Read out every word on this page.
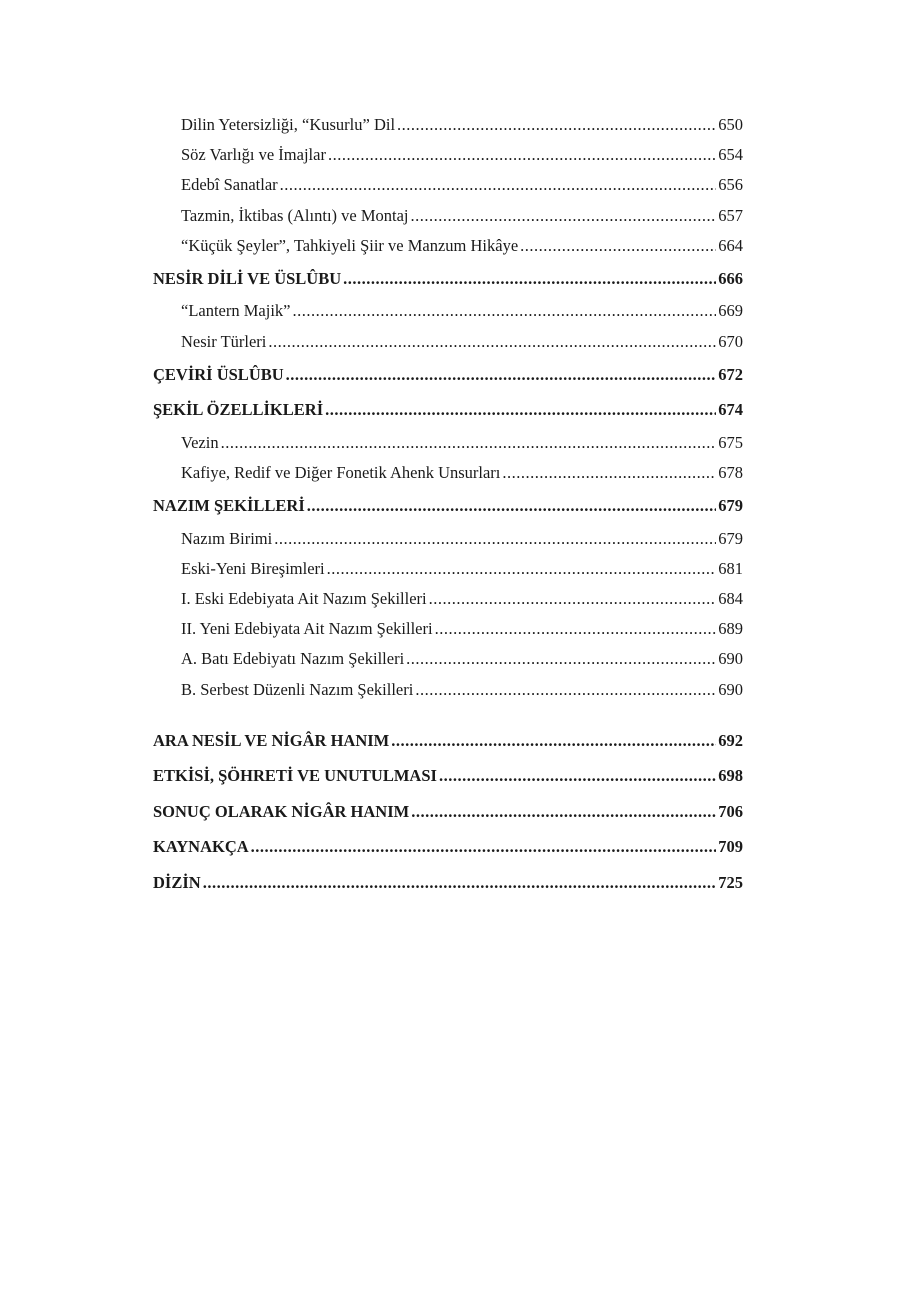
Dilin Yetersizliği, “Kusurlu” Dil .....	650
Söz Varlığı ve İmajlar .....	654
Edebî Sanatlar .....	656
Tazmin, İktibas (Alıntı) ve Montaj .....	657
“Küçük Şeyler”, Tahkiyeli Şiir ve Manzum Hikâye .....	664
NESİR DİLİ VE ÜSLÛBU .....	666
“Lantern Majik” .....	669
Nesir Türleri .....	670
ÇEVİRİ ÜSLÛBU .....	672
ŞEKİL ÖZELLİKLERİ .....	674
Vezin .....	675
Kafiye, Redif ve Diğer Fonetik Ahenk Unsurları .....	678
NAZIM ŞEKİLLERİ .....	679
Nazım Birimi .....	679
Eski-Yeni Bireşimleri .....	681
I. Eski Edebiyata Ait Nazım Şekilleri .....	684
II. Yeni Edebiyata Ait Nazım Şekilleri .....	689
A. Batı Edebiyatı Nazım Şekilleri .....	690
B. Serbest Düzenli Nazım Şekilleri .....	690
ARA NESİL VE NİGÂR HANIM .....	692
ETKİSİ, ŞÖHRETİ VE UNUTULMASI .....	698
SONUÇ OLARAK NİGÂR HANIM .....	706
KAYNAKÇA .....	709
DİZİN .....	725
